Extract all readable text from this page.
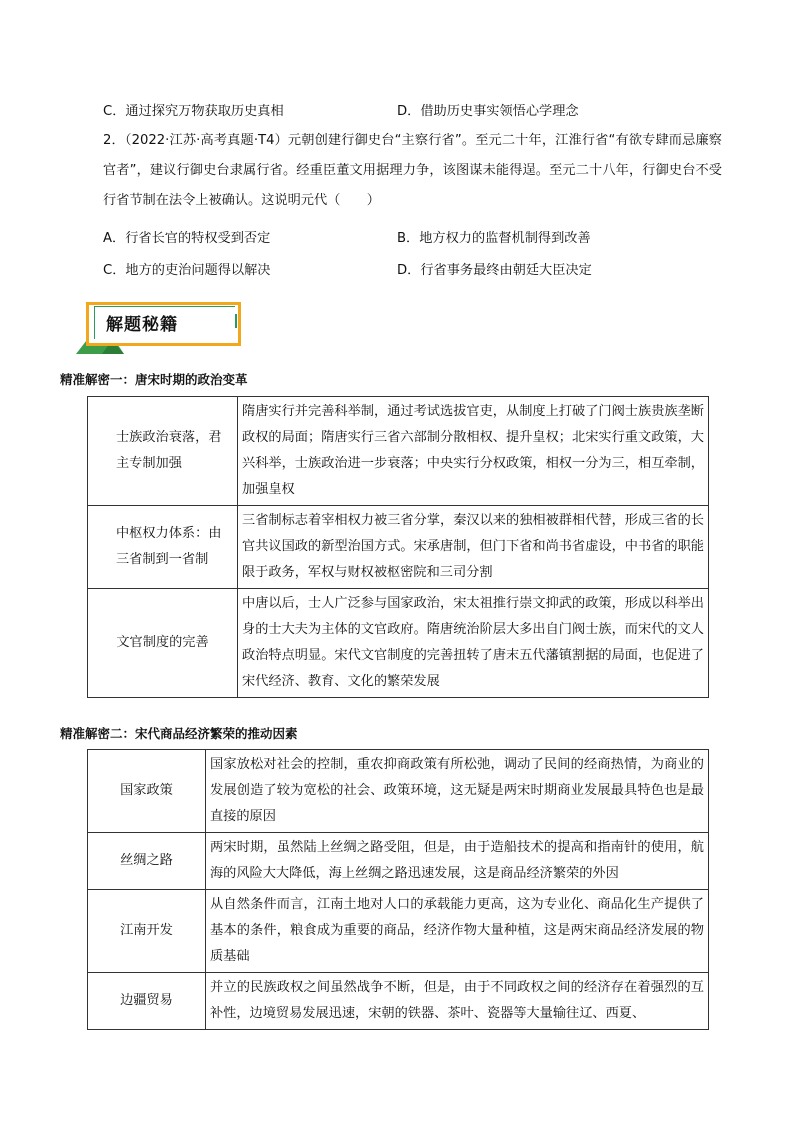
C．通过探究万物获取历史真相	D．借助历史事实领悟心学理念
2．（2022·江苏·高考真题·T4）元朝创建行御史台“主察行省”。至元二十年，江淮行省“有欲专肆而忌廉察官者”，建议行御史台隶属行省。经重臣董文用据理力争，该图谋未能得逞。至元二十八年，行御史台不受行省节制在法令上被确认。这说明元代（　　）
A．行省长官的特权受到否定	B．地方权力的监督机制得到改善
C．地方的吏治问题得以解决	D．行省事务最终由朝廷大臣决定
解题秘籍
精准解密一：唐宋时期的政治变革
士族政治衰落，君主专制加强	隋唐实行并完善科举制，通过考试选拔官吏，从制度上打破了门阀士族贵族垄断政权的局面；隋唐实行三省六部制分散相权、提升皇权；北宋实行重文政策，大兴科举，士族政治进一步衰落；中央实行分权政策，相权一分为三，相互牵制，加强皇权
中枢权力体系：由三省制到一省制	三省制标志着宰相权力被三省分掌，秦汉以来的独相被群相代替，形成三省的长官共议国政的新型治国方式。宋承唐制，但门下省和尚书省虚设，中书省的职能限于政务，军权与财权被枢密院和三司分割
文官制度的完善	中唐以后，士人广泛参与国家政治，宋太祖推行崇文抑武的政策，形成以科举出身的士大夫为主体的文官政府。隋唐统治阶层大多出自门阀士族，而宋代的文人政治特点明显。宋代文官制度的完善扭转了唐末五代藩镇割据的局面，也促进了宋代经济、教育、文化的繁荣发展
精准解密二：宋代商品经济繁荣的推动因素
国家政策	国家放松对社会的控制，重农抑商政策有所松弛，调动了民间的经商热情，为商业的发展创造了较为宽松的社会、政策环境，这无疑是两宋时期商业发展最具特色也是最直接的原因
丝绸之路	两宋时期，虽然陆上丝绸之路受阻，但是，由于造船技术的提高和指南针的使用，航海的风险大大降低，海上丝绸之路迅速发展，这是商品经济繁荣的外因
江南开发	从自然条件而言，江南土地对人口的承载能力更高，这为专业化、商品化生产提供了基本的条件，粮食成为重要的商品，经济作物大量种植，这是两宋商品经济发展的物质基础
边疆贸易	并立的民族政权之间虽然战争不断，但是，由于不同政权之间的经济存在着强烈的互补性，边境贸易发展迅速，宋朝的铁器、茶叶、瓷器等大量输往辽、西夏、
